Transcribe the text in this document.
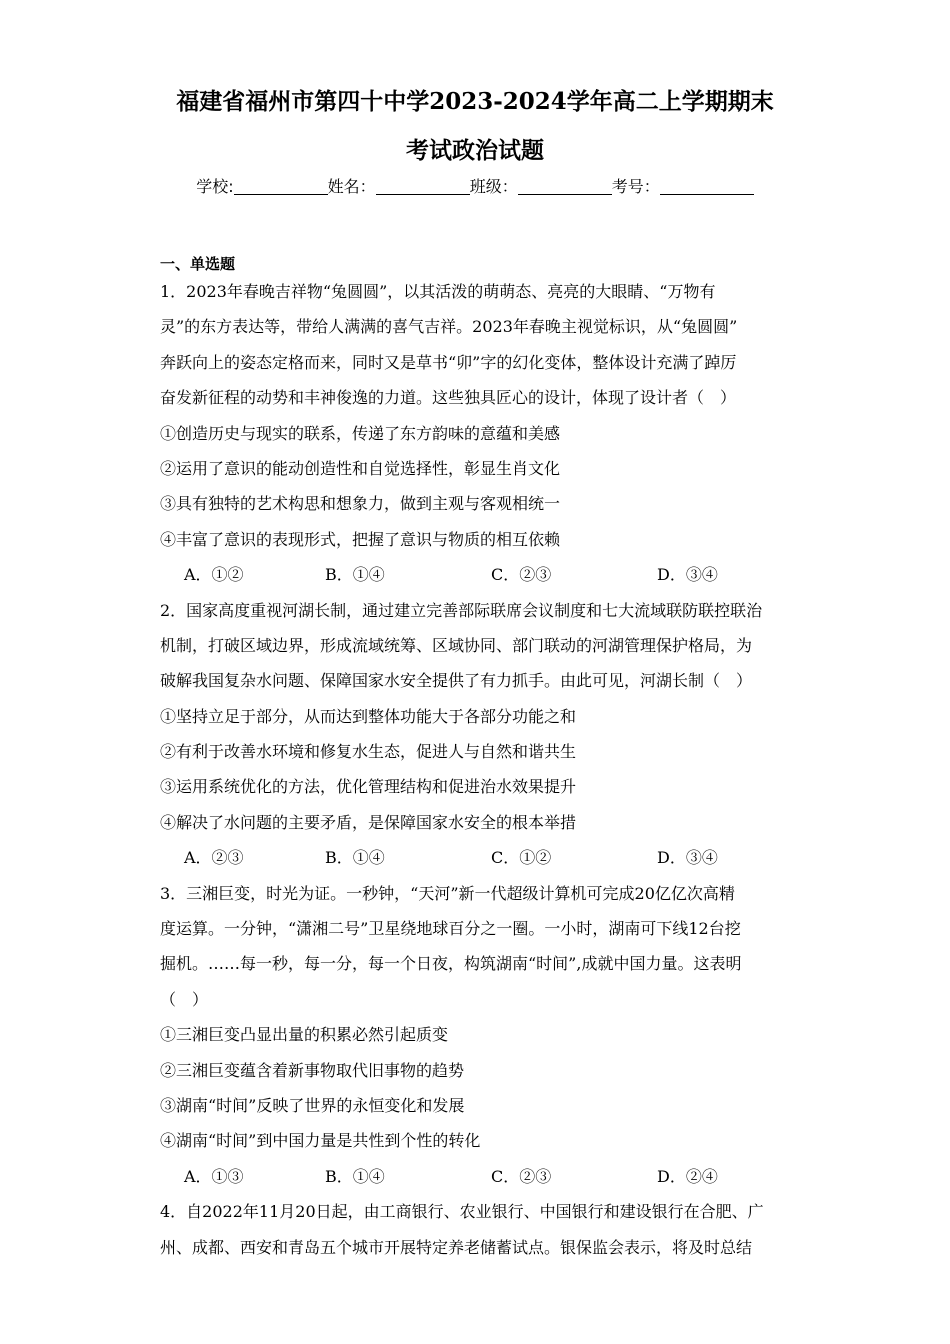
福建省福州市第四十中学2023-2024学年高二上学期期末
考试政治试题
学校:	姓名：	班级：	考号：
一、单选题
1．2023年春晚吉祥物“兔圆圆”，以其活泼的萌萌态、亮亮的大眼睛、“万物有
灵”的东方表达等，带给人满满的喜气吉祥。2023年春晚主视觉标识，从“兔圆圆”
奔跃向上的姿态定格而来，同时又是草书“卯”字的幻化变体，整体设计充满了踔厉
奋发新征程的动势和丰神俊逸的力道。这些独具匠心的设计，体现了设计者（　）
①创造历史与现实的联系，传递了东方韵味的意蕴和美感
②运用了意识的能动创造性和自觉选择性，彰显生肖文化
③具有独特的艺术构思和想象力，做到主观与客观相统一
④丰富了意识的表现形式，把握了意识与物质的相互依赖
A．①②	B．①④	C．②③	D．③④
2．国家高度重视河湖长制，通过建立完善部际联席会议制度和七大流域联防联控联治
机制，打破区域边界，形成流域统筹、区域协同、部门联动的河湖管理保护格局，为
破解我国复杂水问题、保障国家水安全提供了有力抓手。由此可见，河湖长制（　）
①坚持立足于部分，从而达到整体功能大于各部分功能之和
②有利于改善水环境和修复水生态，促进人与自然和谐共生
③运用系统优化的方法，优化管理结构和促进治水效果提升
④解决了水问题的主要矛盾，是保障国家水安全的根本举措
A．②③	B．①④	C．①②	D．③④
3．三湘巨变，时光为证。一秒钟，“天河”新一代超级计算机可完成20亿亿次高精
度运算。一分钟，“潇湘二号”卫星绕地球百分之一圈。一小时，湖南可下线12台挖
掘机。……每一秒，每一分，每一个日夜，构筑湖南“时间”,成就中国力量。这表明
（　）
①三湘巨变凸显出量的积累必然引起质变
②三湘巨变蕴含着新事物取代旧事物的趋势
③湖南“时间”反映了世界的永恒变化和发展
④湖南“时间”到中国力量是共性到个性的转化
A．①③	B．①④	C．②③	D．②④
4．自2022年11月20日起，由工商银行、农业银行、中国银行和建设银行在合肥、广
州、成都、西安和青岛五个城市开展特定养老储蓄试点。银保监会表示，将及时总结
